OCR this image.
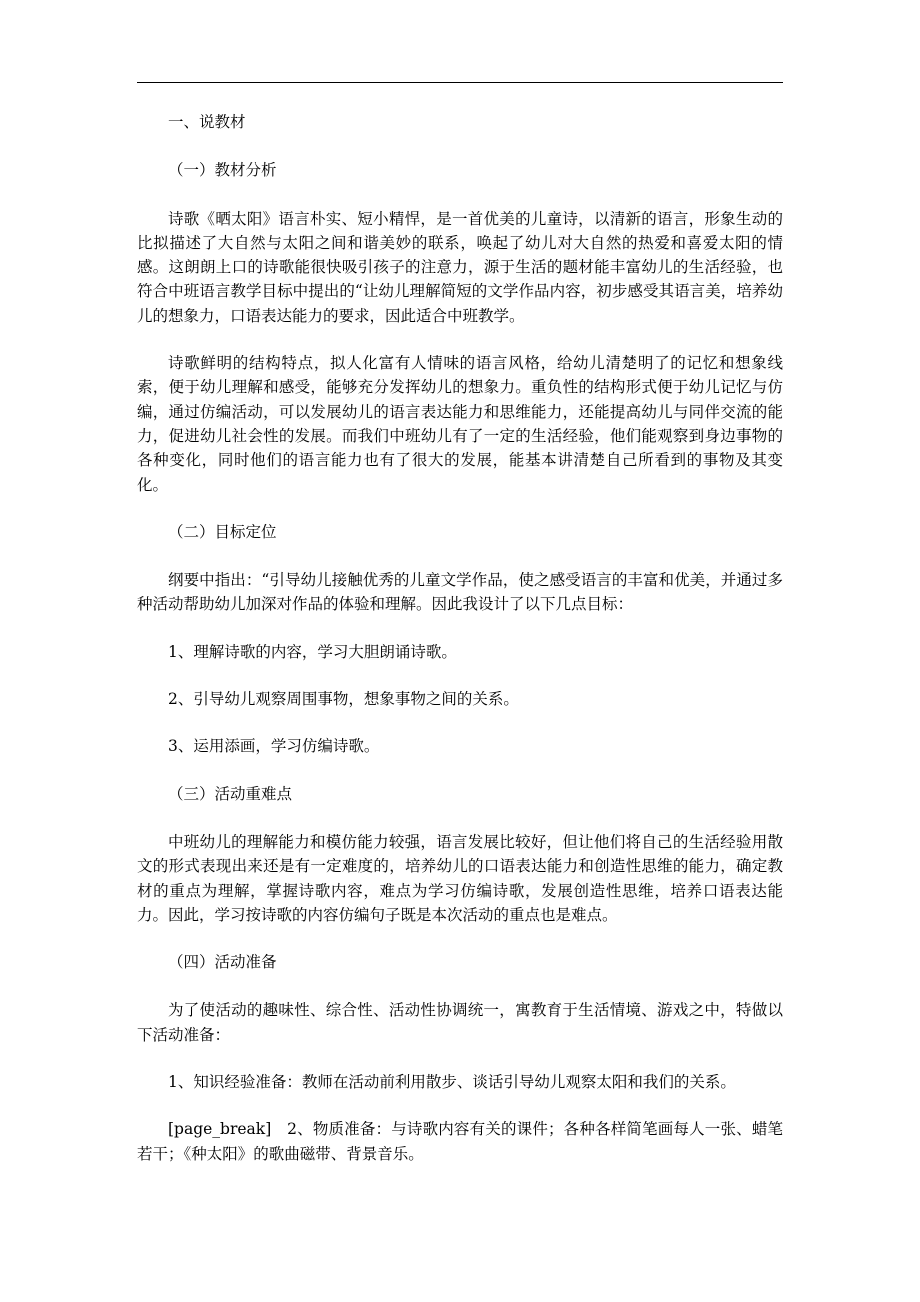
一、说教材

（一）教材分析

诗歌《晒太阳》语言朴实、短小精悍，是一首优美的儿童诗，以清新的语言，形象生动的比拟描述了大自然与太阳之间和谐美妙的联系，唤起了幼儿对大自然的热爱和喜爱太阳的情感。这朗朗上口的诗歌能很快吸引孩子的注意力，源于生活的题材能丰富幼儿的生活经验，也符合中班语言教学目标中提出的“让幼儿理解简短的文学作品内容，初步感受其语言美，培养幼儿的想象力，口语表达能力的要求，因此适合中班教学。

诗歌鲜明的结构特点，拟人化富有人情味的语言风格，给幼儿清楚明了的记忆和想象线索，便于幼儿理解和感受，能够充分发挥幼儿的想象力。重负性的结构形式便于幼儿记忆与仿编，通过仿编活动，可以发展幼儿的语言表达能力和思维能力，还能提高幼儿与同伴交流的能力，促进幼儿社会性的发展。而我们中班幼儿有了一定的生活经验，他们能观察到身边事物的各种变化，同时他们的语言能力也有了很大的发展，能基本讲清楚自己所看到的事物及其变化。

（二）目标定位

纲要中指出：“引导幼儿接触优秀的儿童文学作品，使之感受语言的丰富和优美，并通过多种活动帮助幼儿加深对作品的体验和理解。因此我设计了以下几点目标：

1、理解诗歌的内容，学习大胆朗诵诗歌。

2、引导幼儿观察周围事物，想象事物之间的关系。

3、运用添画，学习仿编诗歌。

（三）活动重难点

中班幼儿的理解能力和模仿能力较强，语言发展比较好，但让他们将自己的生活经验用散文的形式表现出来还是有一定难度的，培养幼儿的口语表达能力和创造性思维的能力，确定教材的重点为理解，掌握诗歌内容，难点为学习仿编诗歌，发展创造性思维，培养口语表达能力。因此，学习按诗歌的内容仿编句子既是本次活动的重点也是难点。

（四）活动准备

为了使活动的趣味性、综合性、活动性协调统一，寓教育于生活情境、游戏之中，特做以下活动准备：

1、知识经验准备：教师在活动前利用散步、谈话引导幼儿观察太阳和我们的关系。

[page_break]　2、物质准备：与诗歌内容有关的课件；各种各样简笔画每人一张、蜡笔若干；《种太阳》的歌曲磁带、背景音乐。
